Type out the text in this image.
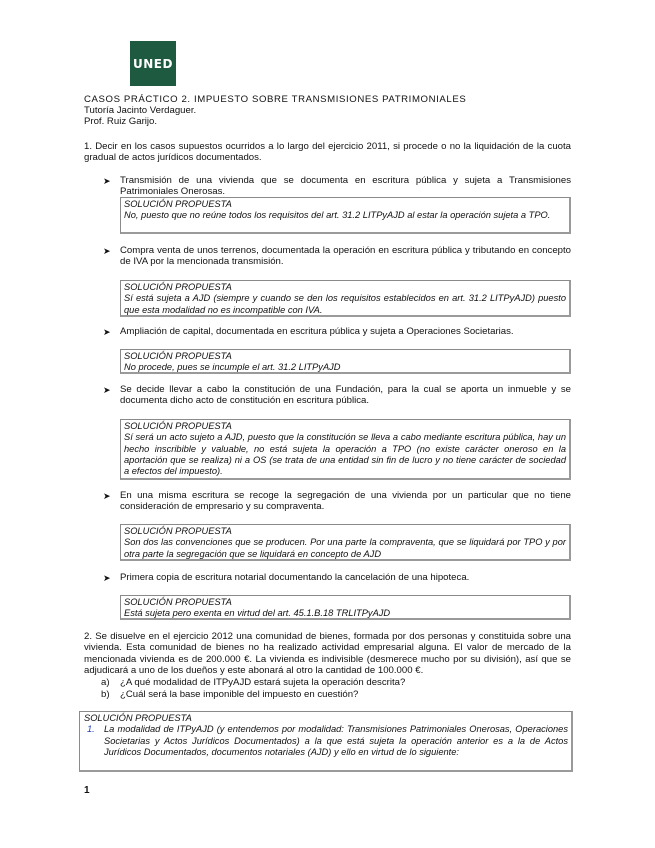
UNED
CASOS PRÁCTICO 2. IMPUESTO SOBRE TRANSMISIONES PATRIMONIALES
Tutoría Jacinto Verdaguer.
Prof. Ruiz Garijo.
1. Decir en los casos supuestos ocurridos a lo largo del ejercicio 2011, si procede o no la liquidación de la cuota gradual de actos jurídicos documentados.
➤ Transmisión de una vivienda que se documenta en escritura pública y sujeta a Transmisiones Patrimoniales Onerosas.
SOLUCIÓN PROPUESTA
No, puesto que no reúne todos los requisitos del art. 31.2 LITPyAJD al estar la operación sujeta a TPO.
➤ Compra venta de unos terrenos, documentada la operación en escritura pública y tributando en concepto de IVA por la mencionada transmisión.
SOLUCIÓN PROPUESTA
Sí está sujeta a AJD (siempre y cuando se den los requisitos establecidos en art. 31.2 LITPyAJD) puesto que esta modalidad no es incompatible con IVA.
➤ Ampliación de capital, documentada en escritura pública y sujeta a Operaciones Societarias.
SOLUCIÓN PROPUESTA
No procede, pues se incumple el art. 31.2 LITPyAJD
➤ Se decide llevar a cabo la constitución de una Fundación, para la cual se aporta un inmueble y se documenta dicho acto de constitución en escritura pública.
SOLUCIÓN PROPUESTA
Sí será un acto sujeto a AJD, puesto que la constitución se lleva a cabo mediante escritura pública, hay un hecho inscribible y valuable, no está sujeta la operación a TPO (no existe carácter oneroso en la aportación que se realiza) ni a OS (se trata de una entidad sin fin de lucro y no tiene carácter de sociedad a efectos del impuesto).
➤ En una misma escritura se recoge la segregación de una vivienda por un particular que no tiene consideración de empresario y su compraventa.
SOLUCIÓN PROPUESTA
Son dos las convenciones que se producen. Por una parte la compraventa, que se liquidará por TPO y por otra parte la segregación que se liquidará en concepto de AJD
➤ Primera copia de escritura notarial documentando la cancelación de una hipoteca.
SOLUCIÓN PROPUESTA
Está sujeta pero exenta en virtud del art. 45.1.B.18 TRLITPyAJD
2. Se disuelve en el ejercicio 2012 una comunidad de bienes, formada por dos personas y constituida sobre una vivienda. Esta comunidad de bienes no ha realizado actividad empresarial alguna. El valor de mercado de la mencionada vivienda es de 200.000 €. La vivienda es indivisible (desmerece mucho por su división), así que se adjudicará a uno de los dueños y este abonará al otro la cantidad de 100.000 €.
a) ¿A qué modalidad de ITPyAJD estará sujeta la operación descrita?
b) ¿Cuál será la base imponible del impuesto en cuestión?
SOLUCIÓN PROPUESTA
1. La modalidad de ITPyAJD (y entendemos por modalidad: Transmisiones Patrimoniales Onerosas, Operaciones Societarias y Actos Jurídicos Documentados) a la que está sujeta la operación anterior es a la de Actos Jurídicos Documentados, documentos notariales (AJD) y ello en virtud de lo siguiente:
1
